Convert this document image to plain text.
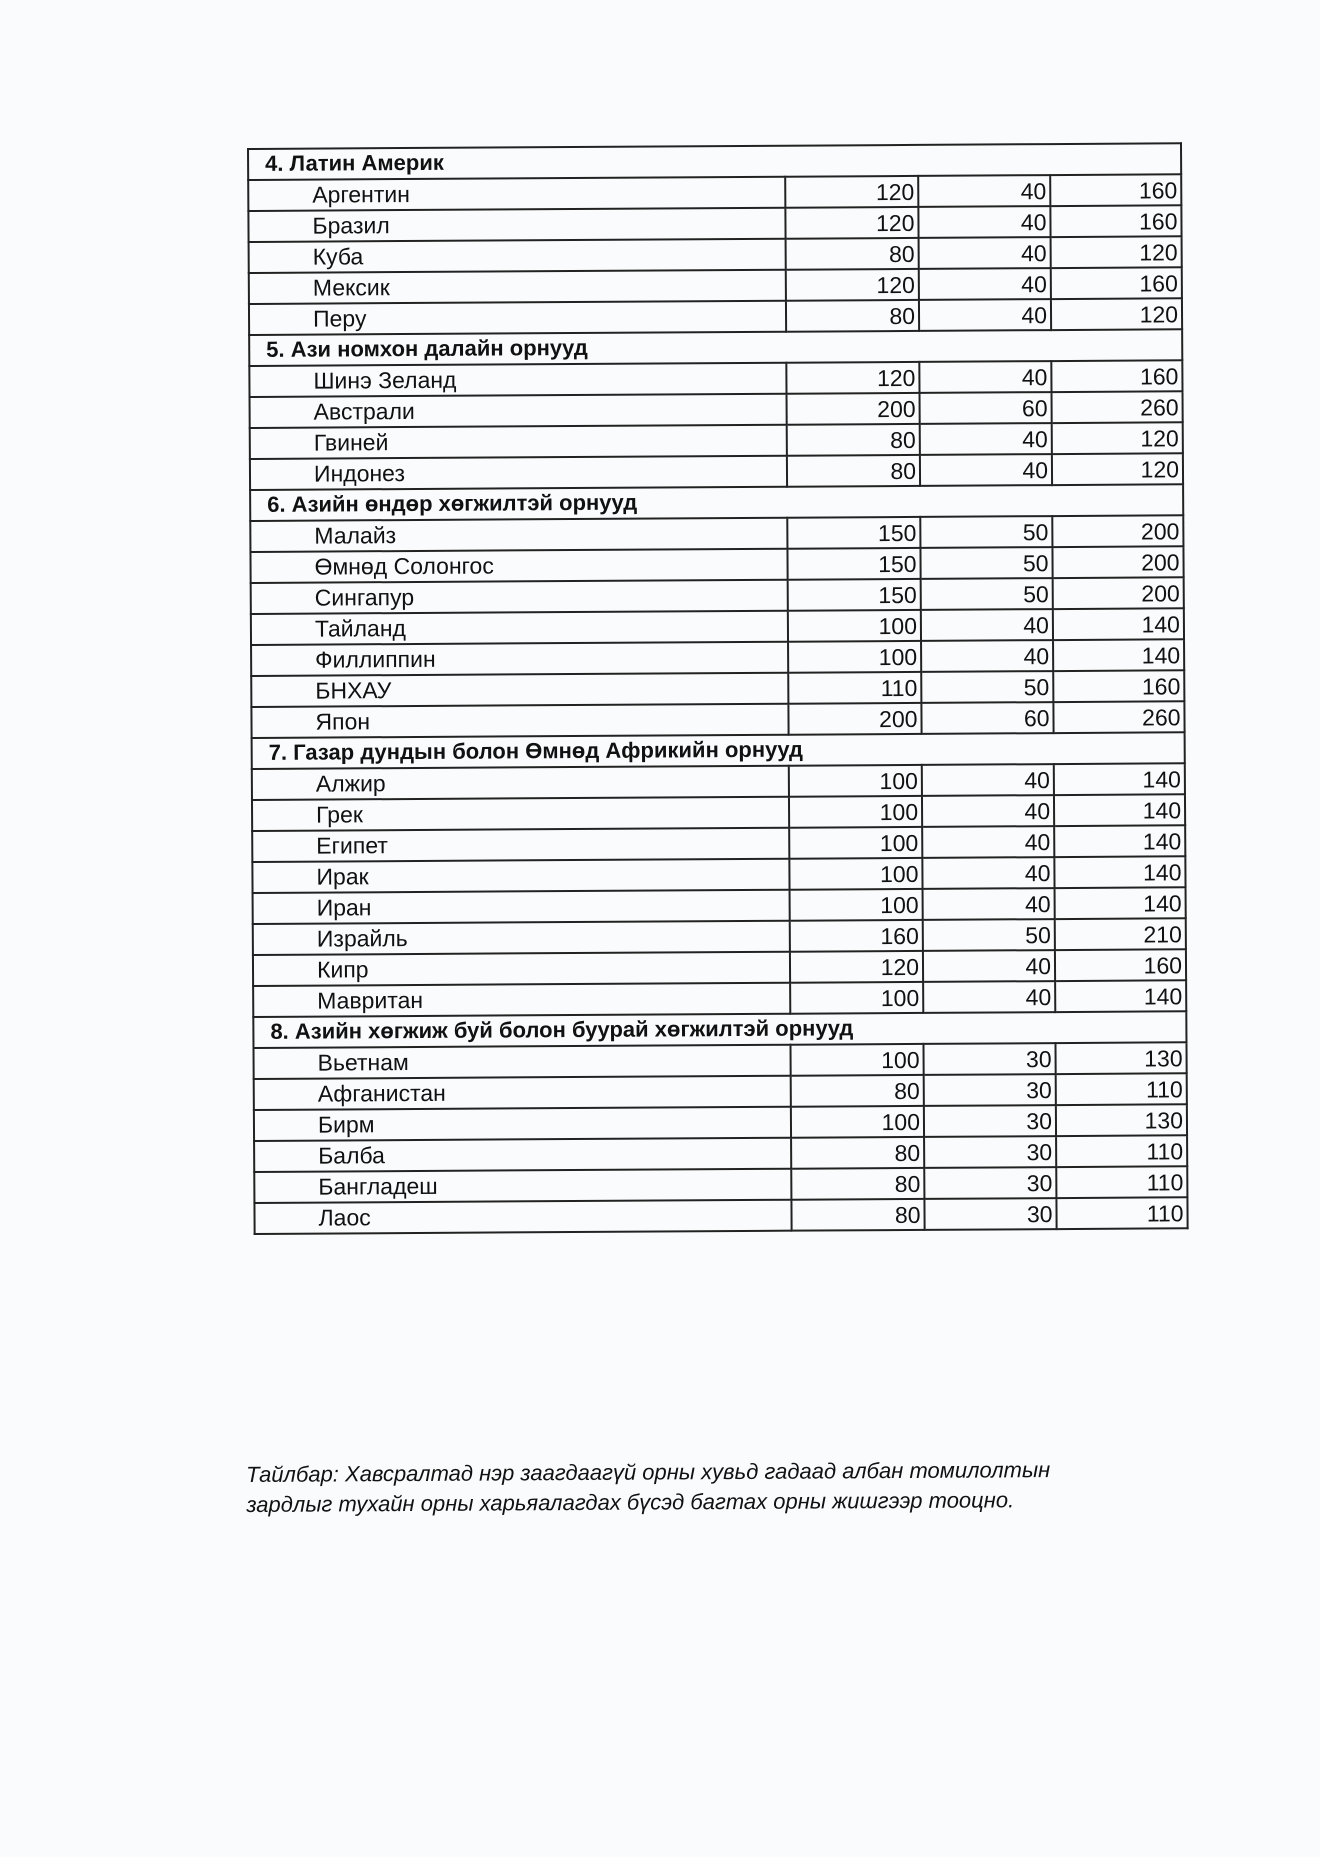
4. Латин Америк			
Аргентин	120	40	160
Бразил	120	40	160
Куба	80	40	120
Мексик	120	40	160
Перу	80	40	120
5. Ази номхон далайн орнууд			
Шинэ Зеланд	120	40	160
Австрали	200	60	260
Гвиней	80	40	120
Индонез	80	40	120
6. Азийн өндөр хөгжилтэй орнууд			
Малайз	150	50	200
Өмнөд Солонгос	150	50	200
Сингапур	150	50	200
Тайланд	100	40	140
Филлиппин	100	40	140
БНХАУ	110	50	160
Япон	200	60	260
7. Газар дундын болон Өмнөд Африкийн орнууд			
Алжир	100	40	140
Грек	100	40	140
Египет	100	40	140
Ирак	100	40	140
Иран	100	40	140
Израйль	160	50	210
Кипр	120	40	160
Мавритан	100	40	140
8. Азийн хөгжиж буй болон буурай хөгжилтэй орнууд			
Вьетнам	100	30	130
Афганистан	80	30	110
Бирм	100	30	130
Балба	80	30	110
Бангладеш	80	30	110
Лаос	80	30	110

Тайлбар: Хавсралтад нэр заагдаагүй орны хувьд гадаад албан томилолтын

зардлыг тухайн орны харьяалагдах бүсэд багтах орны жишгээр тооцно.
